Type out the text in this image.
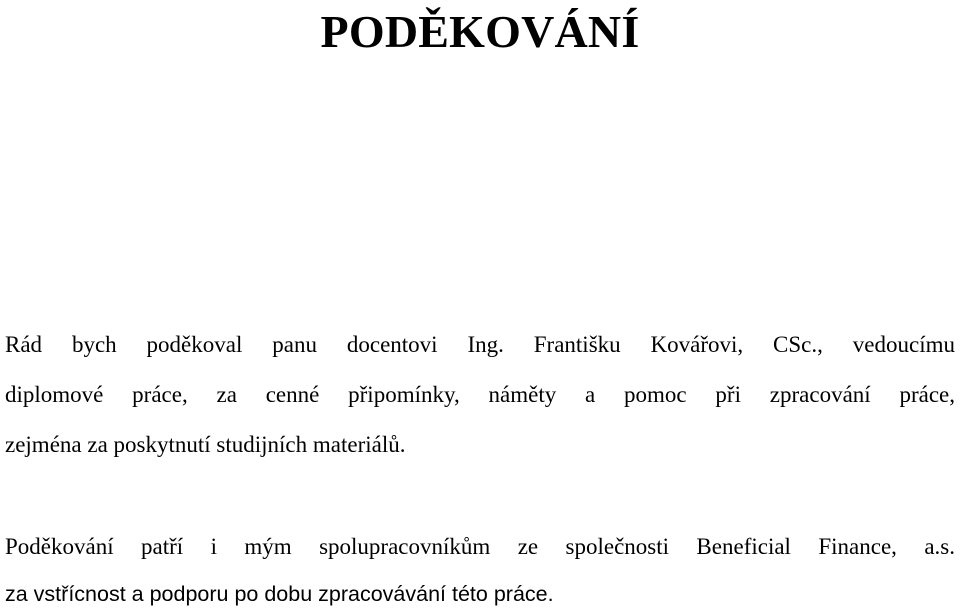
PODĚKOVÁNÍ
Rád bych poděkoval panu docentovi Ing. Františku Kovářovi, CSc., vedoucímu
diplomové práce, za cenné připomínky, náměty a pomoc při zpracování práce,
zejména za poskytnutí studijních materiálů.
Poděkování patří i mým spolupracovníkům ze společnosti Beneficial Finance, a.s.
za vstřícnost a podporu po dobu zpracovávání této práce.
